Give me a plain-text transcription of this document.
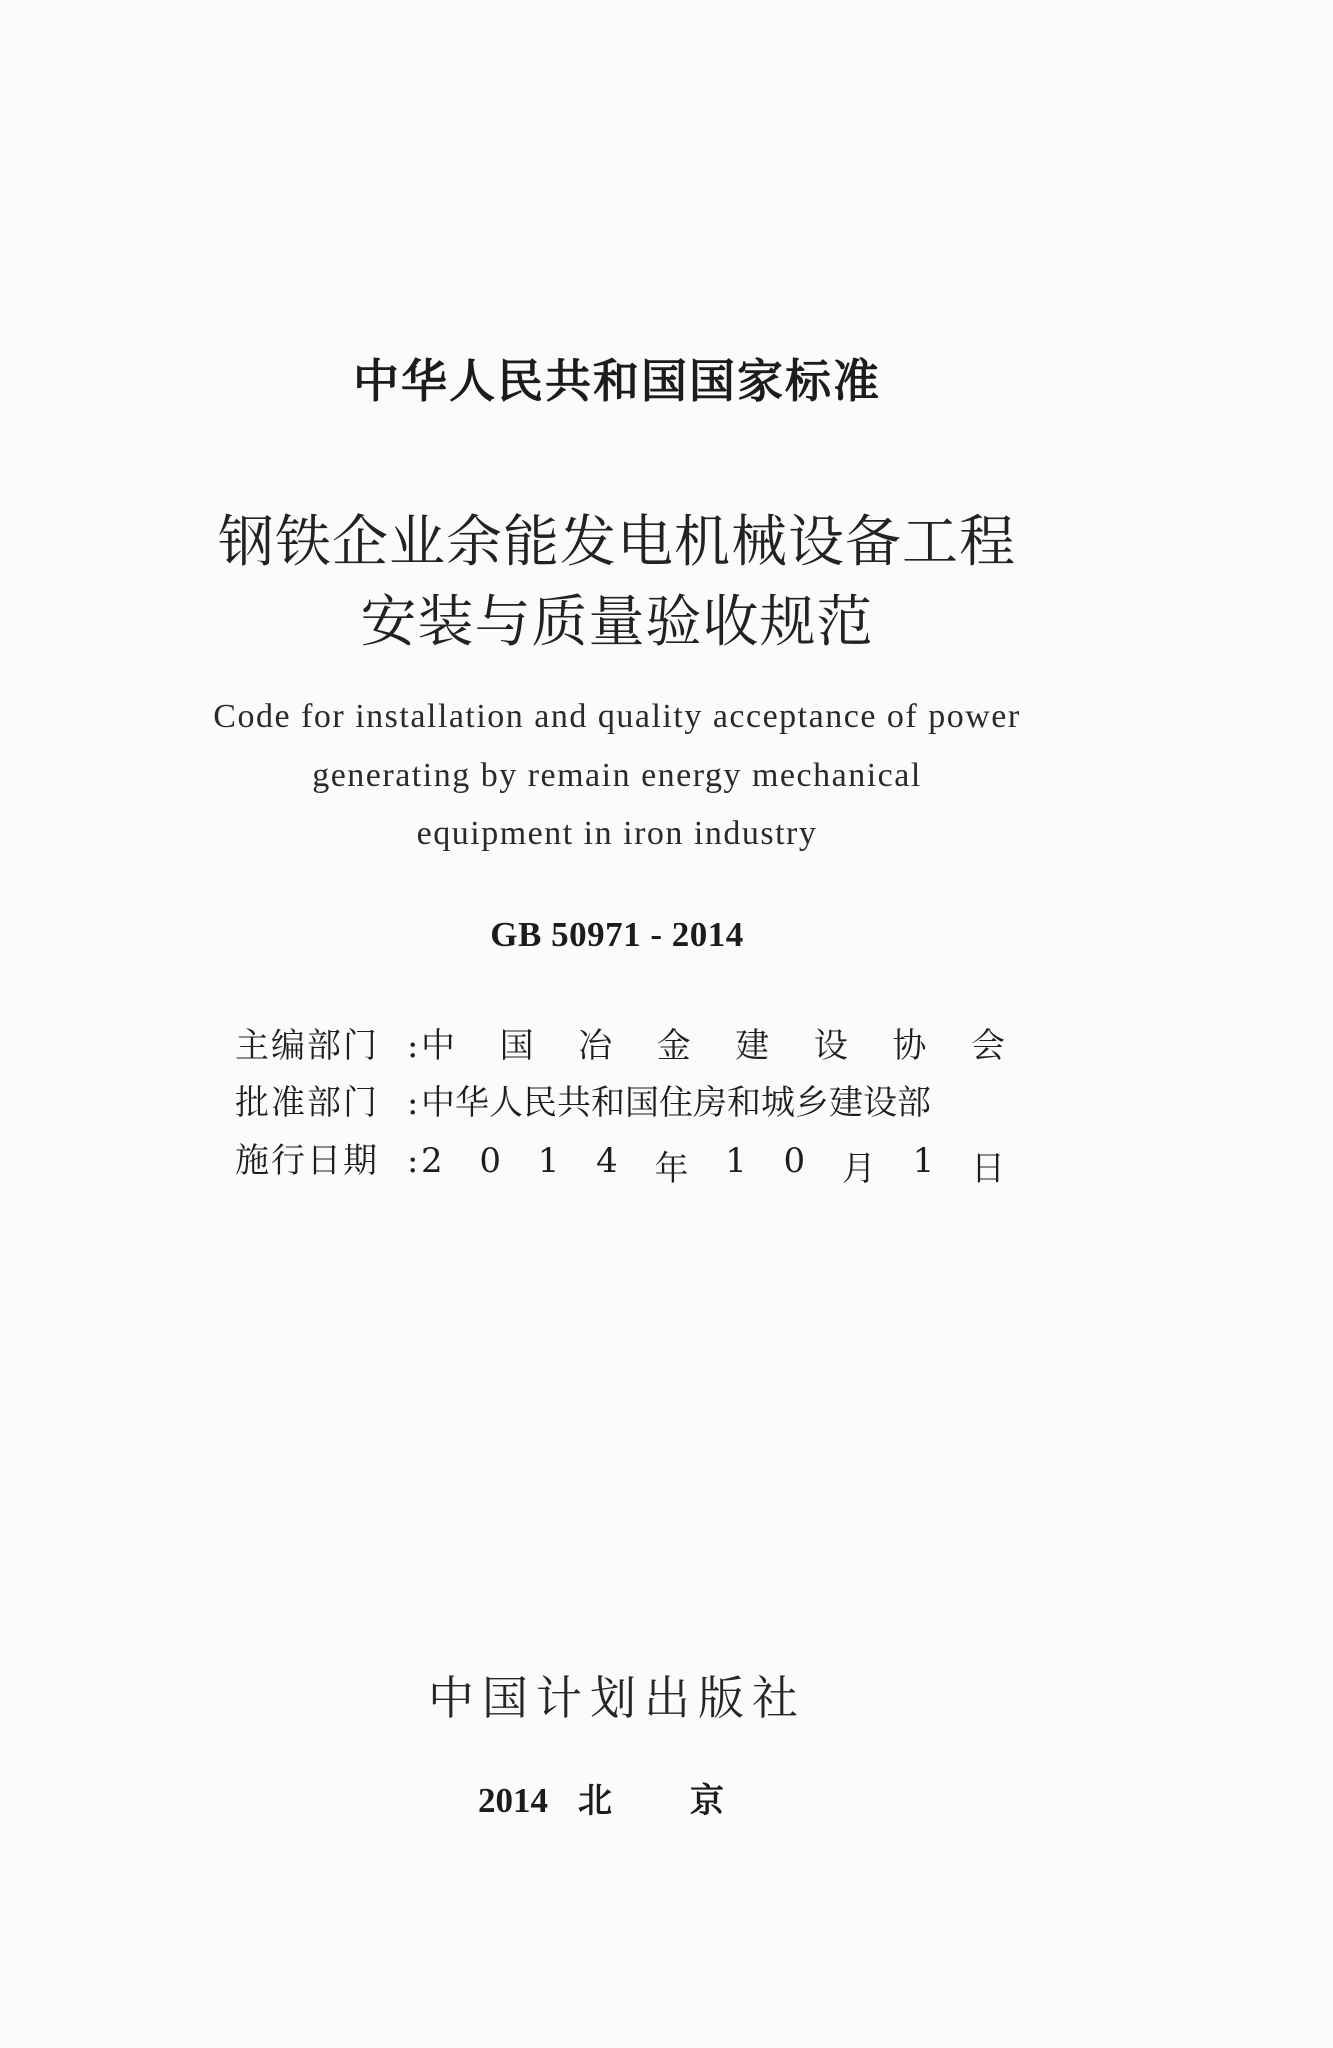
中华人民共和国国家标准
钢铁企业余能发电机械设备工程
安装与质量验收规范
Code for installation and quality acceptance of power
generating by remain energy mechanical
equipment in iron industry
GB 50971 - 2014
主编部门 : 中 国 冶 金 建 设 协 会
批准部门 : 中华人民共和国住房和城乡建设部
施行日期 : 2 0 1 4 年 1 0 月 1 日
中国计划出版社
2014 北京
